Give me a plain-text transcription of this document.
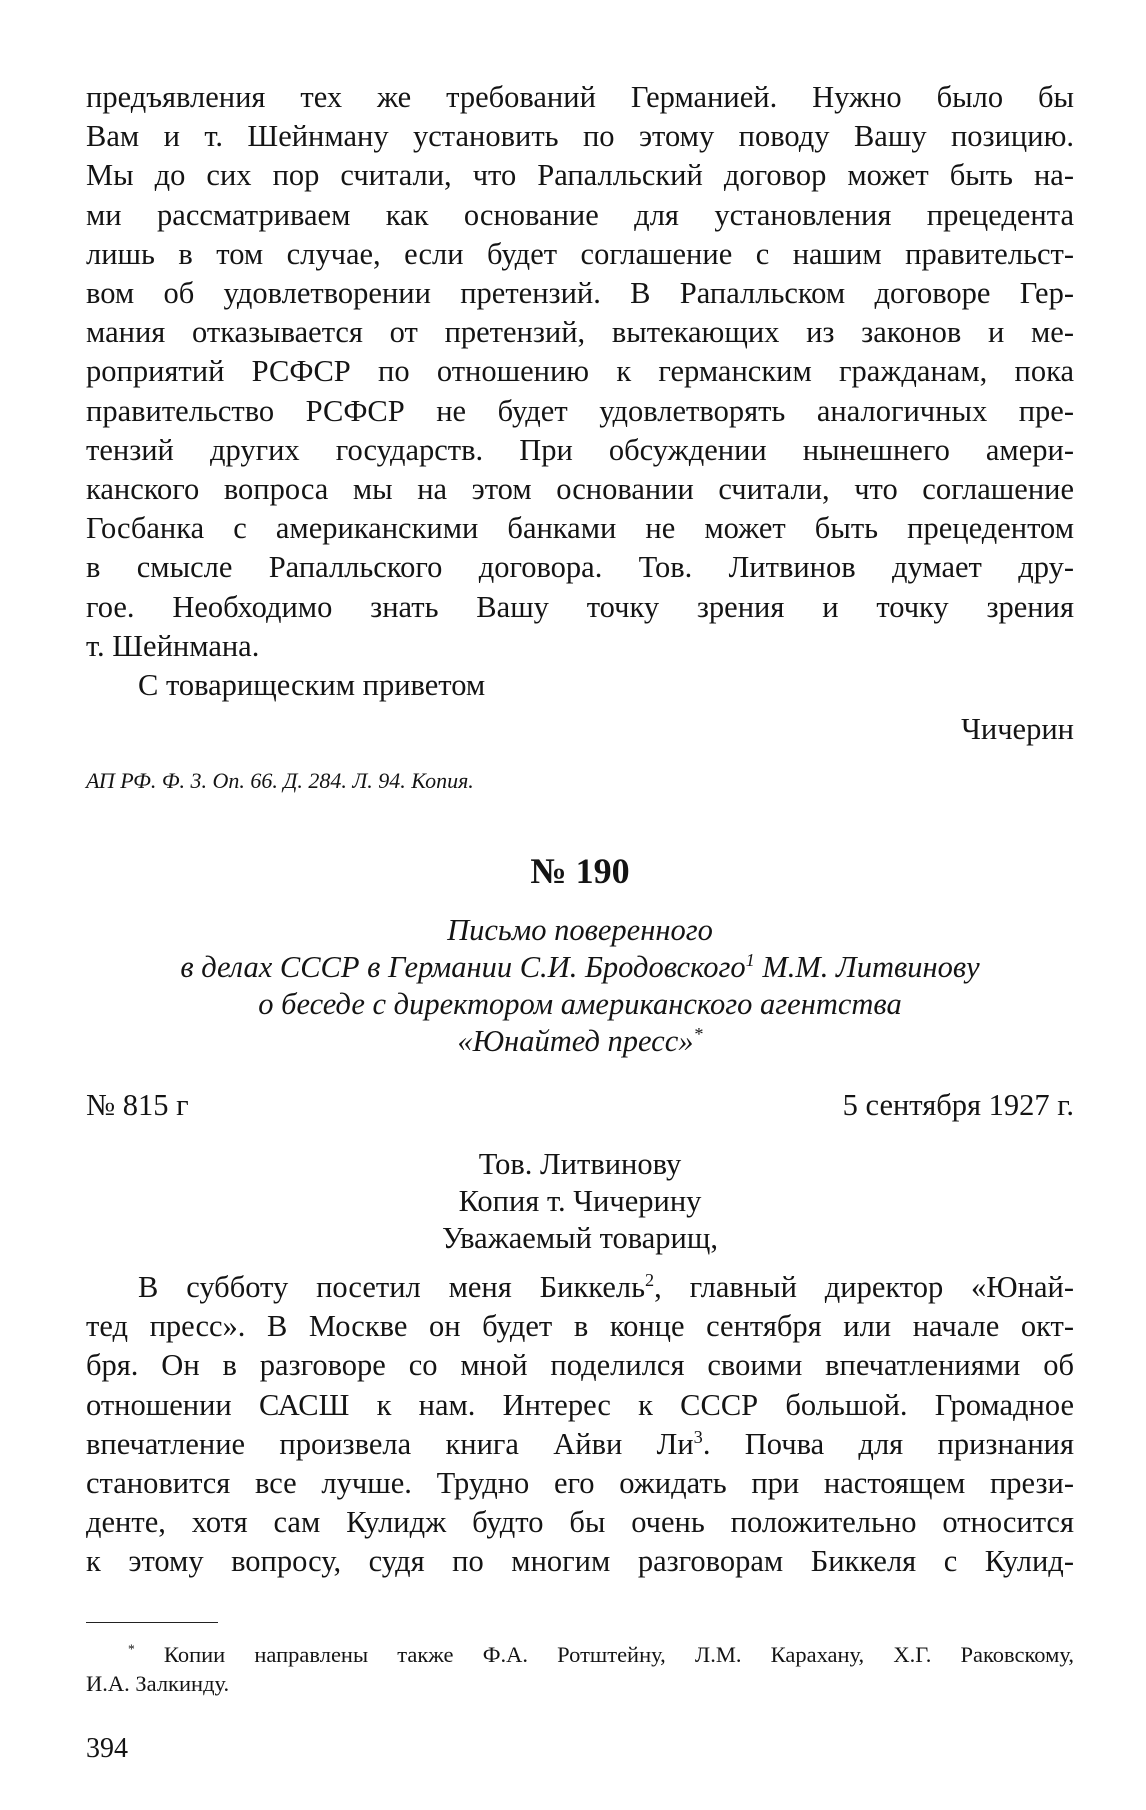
предъявления тех же требований Германией. Нужно было бы
Вам и т. Шейнману установить по этому поводу Вашу позицию.
Мы до сих пор считали, что Рапалльский договор может быть на-
ми рассматриваем как основание для установления прецедента
лишь в том случае, если будет соглашение с нашим правительст-
вом об удовлетворении претензий. В Рапалльском договоре Гер-
мания отказывается от претензий, вытекающих из законов и ме-
роприятий РСФСР по отношению к германским гражданам, пока
правительство РСФСР не будет удовлетворять аналогичных пре-
тензий других государств. При обсуждении нынешнего амери-
канского вопроса мы на этом основании считали, что соглашение
Госбанка с американскими банками не может быть прецедентом
в смысле Рапалльского договора. Тов. Литвинов думает дру-
гое. Необходимо знать Вашу точку зрения и точку зрения
т. Шейнмана.
С товарищеским приветом
Чичерин
АП РФ. Ф. 3. Оп. 66. Д. 284. Л. 94. Копия.
№ 190
Письмо поверенного
в делах СССР в Германии С.И. Бродовского$^1$ М.М. Литвинову
о беседе с директором американского агентства
«Юнайтед пресс»*
№ 815 г	5 сентября 1927 г.
Тов. Литвинову
Копия т. Чичерину
Уважаемый товарищ,
В субботу посетил меня Биккель$^2$, главный директор «Юнай-
тед пресс». В Москве он будет в конце сентября или начале окт-
бря. Он в разговоре со мной поделился своими впечатлениями об
отношении САСШ к нам. Интерес к СССР большой. Громадное
впечатление произвела книга Айви $Ли^3$. Почва для признания
становится все лучше. Трудно его ожидать при настоящем прези-
денте, хотя сам Кулидж будто бы очень положительно относится
к этому вопросу, судя по многим разговорам Биккеля с Кулид-
* Копии направлены также Ф.А. Ротштейну, Л.М. Карахану, Х.Г. Раковскому,
И.А. Залкинду.
394
